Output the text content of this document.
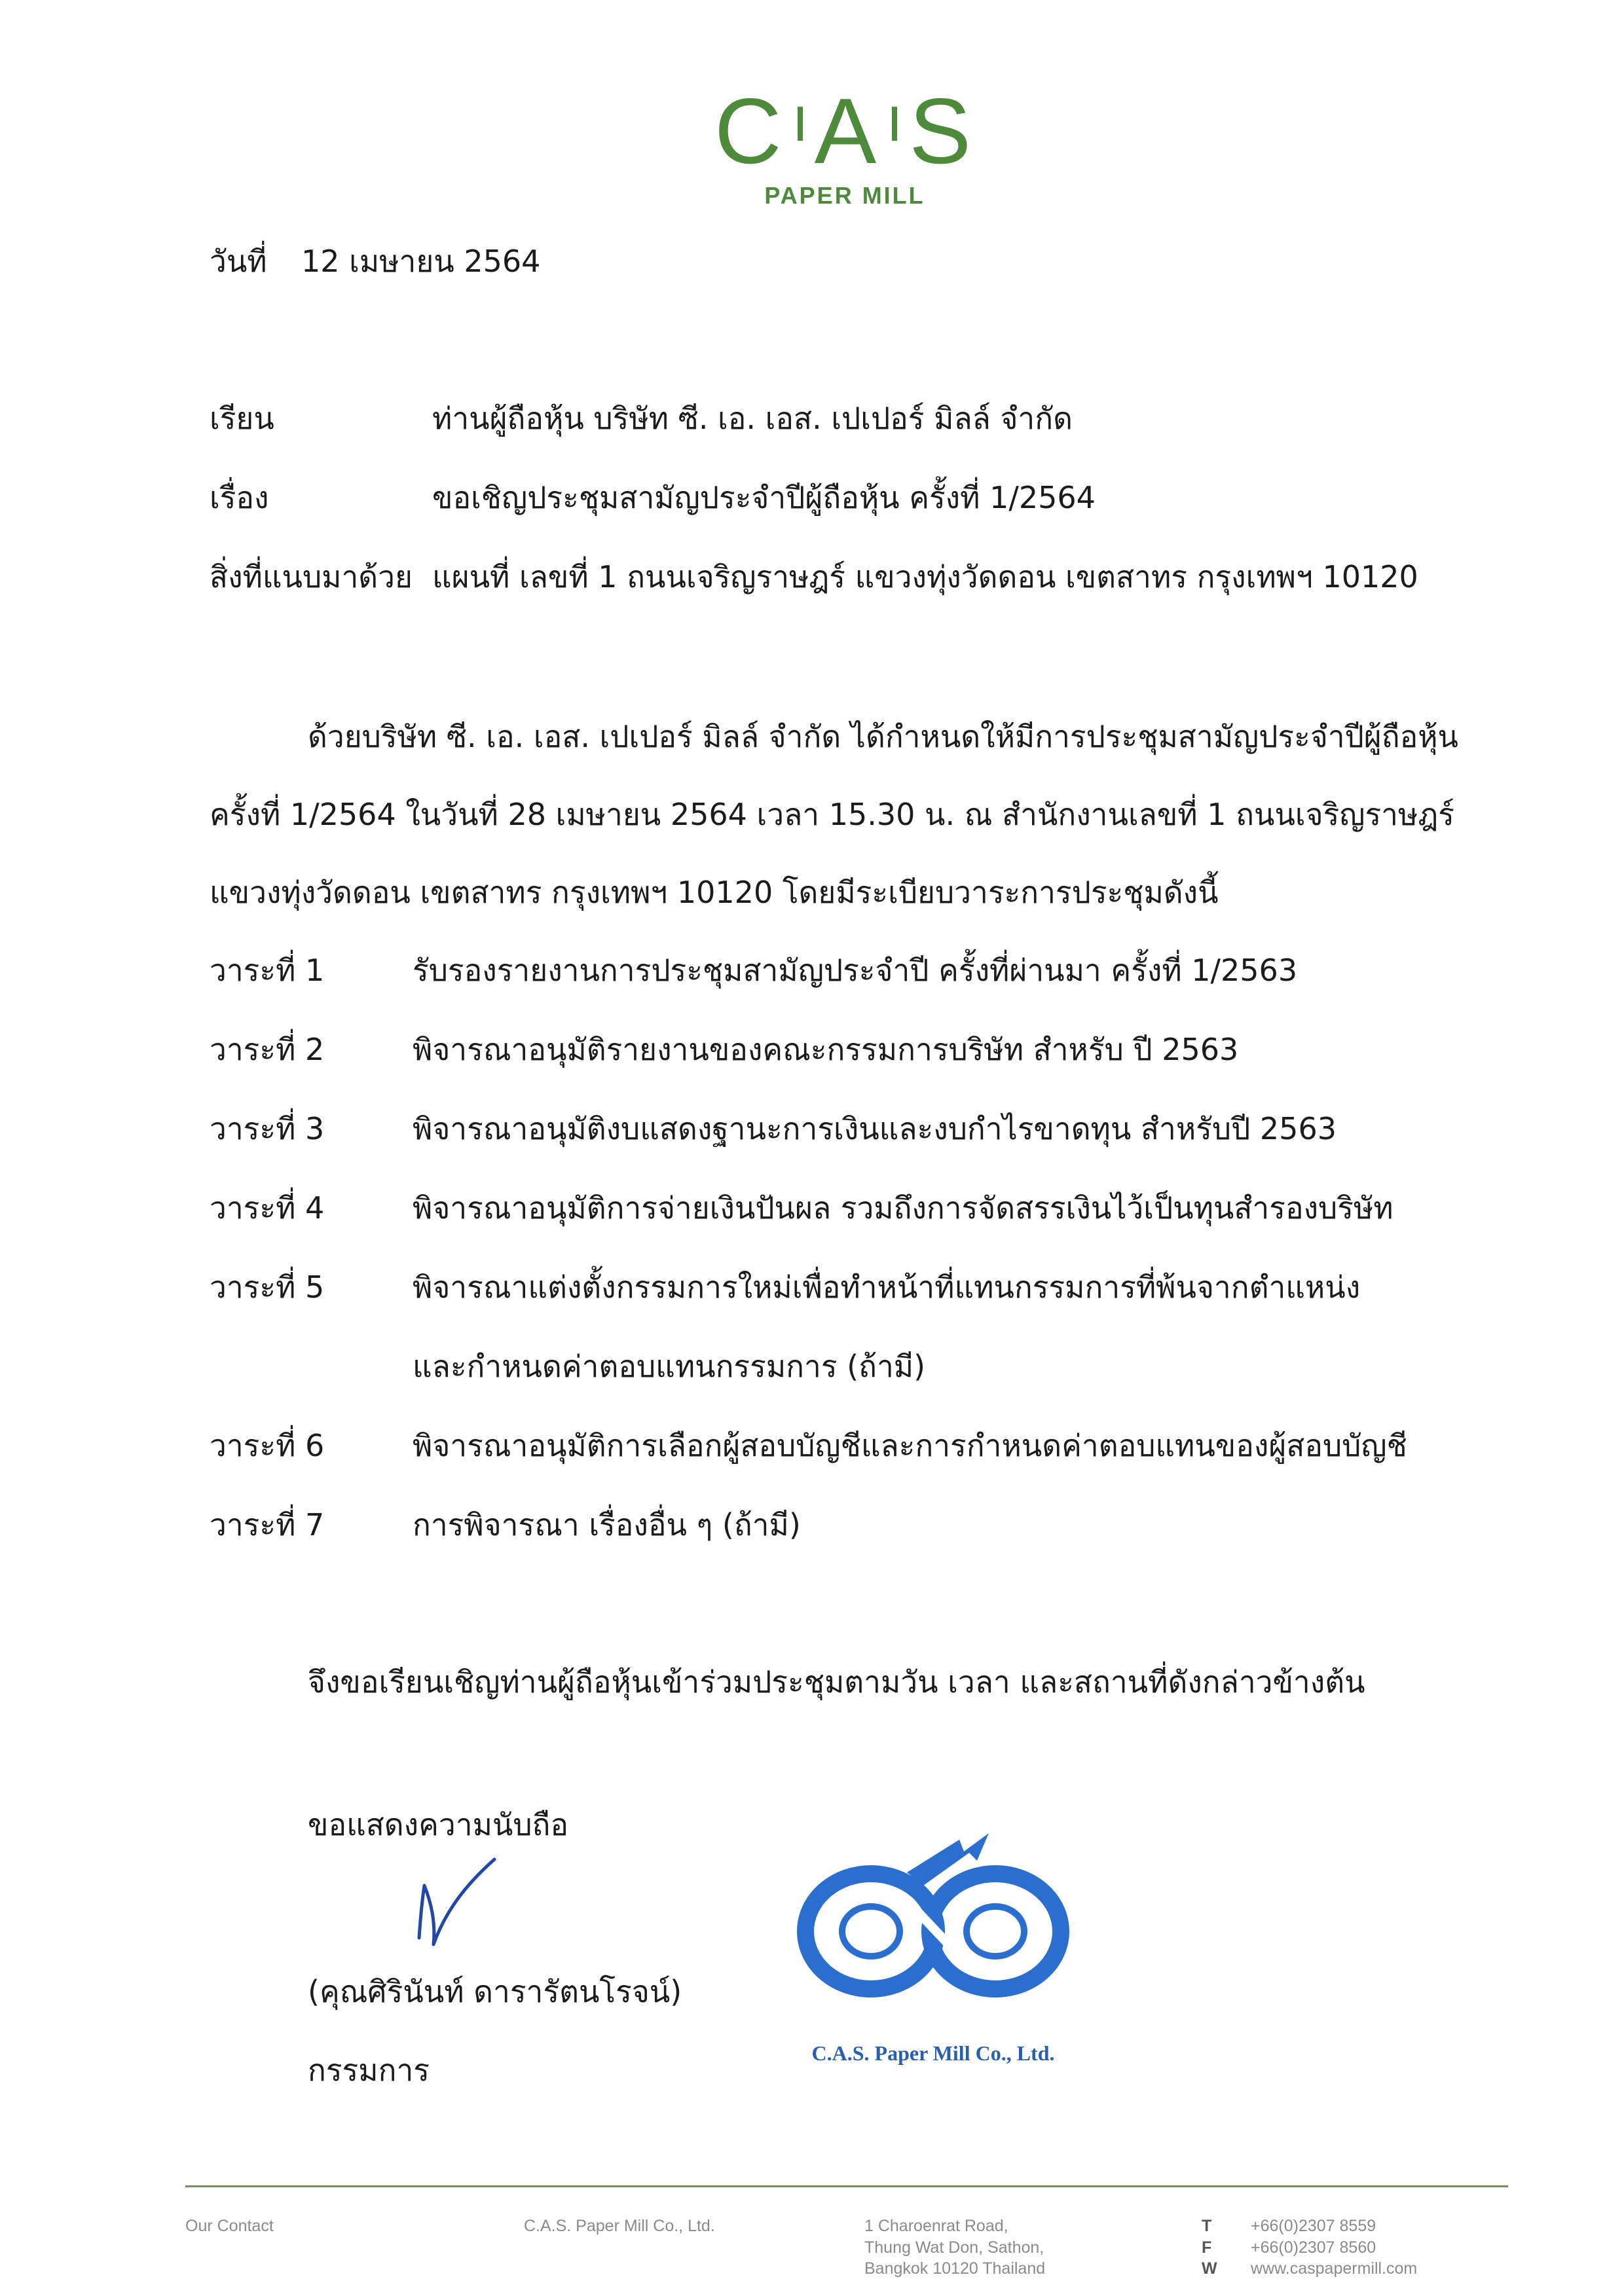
C A S
PAPER MILL
วันที่ 12 เมษายน 2564
เรียน	ท่านผู้ถือหุ้น บริษัท ซี. เอ. เอส. เปเปอร์ มิลล์ จำกัด
เรื่อง	ขอเชิญประชุมสามัญประจำปีผู้ถือหุ้น ครั้งที่ 1/2564
สิ่งที่แนบมาด้วย แผนที่ เลขที่ 1 ถนนเจริญราษฎร์ แขวงทุ่งวัดดอน เขตสาทร กรุงเทพฯ 10120
ด้วยบริษัท ซี. เอ. เอส. เปเปอร์ มิลล์ จำกัด ได้กำหนดให้มีการประชุมสามัญประจำปีผู้ถือหุ้น
ครั้งที่ 1/2564 ในวันที่ 28 เมษายน 2564 เวลา 15.30 น. ณ สำนักงานเลขที่ 1 ถนนเจริญราษฎร์
แขวงทุ่งวัดดอน เขตสาทร กรุงเทพฯ 10120 โดยมีระเบียบวาระการประชุมดังนี้
วาระที่ 1	รับรองรายงานการประชุมสามัญประจำปี ครั้งที่ผ่านมา ครั้งที่ 1/2563
วาระที่ 2	พิจารณาอนุมัติรายงานของคณะกรรมการบริษัท สำหรับ ปี 2563
วาระที่ 3	พิจารณาอนุมัติงบแสดงฐานะการเงินและงบกำไรขาดทุน สำหรับปี 2563
วาระที่ 4	พิจารณาอนุมัติการจ่ายเงินปันผล รวมถึงการจัดสรรเงินไว้เป็นทุนสำรองบริษัท
วาระที่ 5	พิจารณาแต่งตั้งกรรมการใหม่เพื่อทำหน้าที่แทนกรรมการที่พ้นจากตำแหน่ง
และกำหนดค่าตอบแทนกรรมการ (ถ้ามี)
วาระที่ 6	พิจารณาอนุมัติการเลือกผู้สอบบัญชีและการกำหนดค่าตอบแทนของผู้สอบบัญชี
วาระที่ 7	การพิจารณา เรื่องอื่น ๆ (ถ้ามี)
จึงขอเรียนเชิญท่านผู้ถือหุ้นเข้าร่วมประชุมตามวัน เวลา และสถานที่ดังกล่าวข้างต้น
ขอแสดงความนับถือ
(คุณศิรินันท์ ดารารัตนโรจน์)
กรรมการ	C.A.S. Paper Mill Co., Ltd.
Our Contact	C.A.S. Paper Mill Co., Ltd.	1 Charoenrat Road,
Thung Wat Don, Sathon,
Bangkok 10120 Thailand
T +66(0)2307 8559
F +66(0)2307 8560
W www.caspapermill.com
